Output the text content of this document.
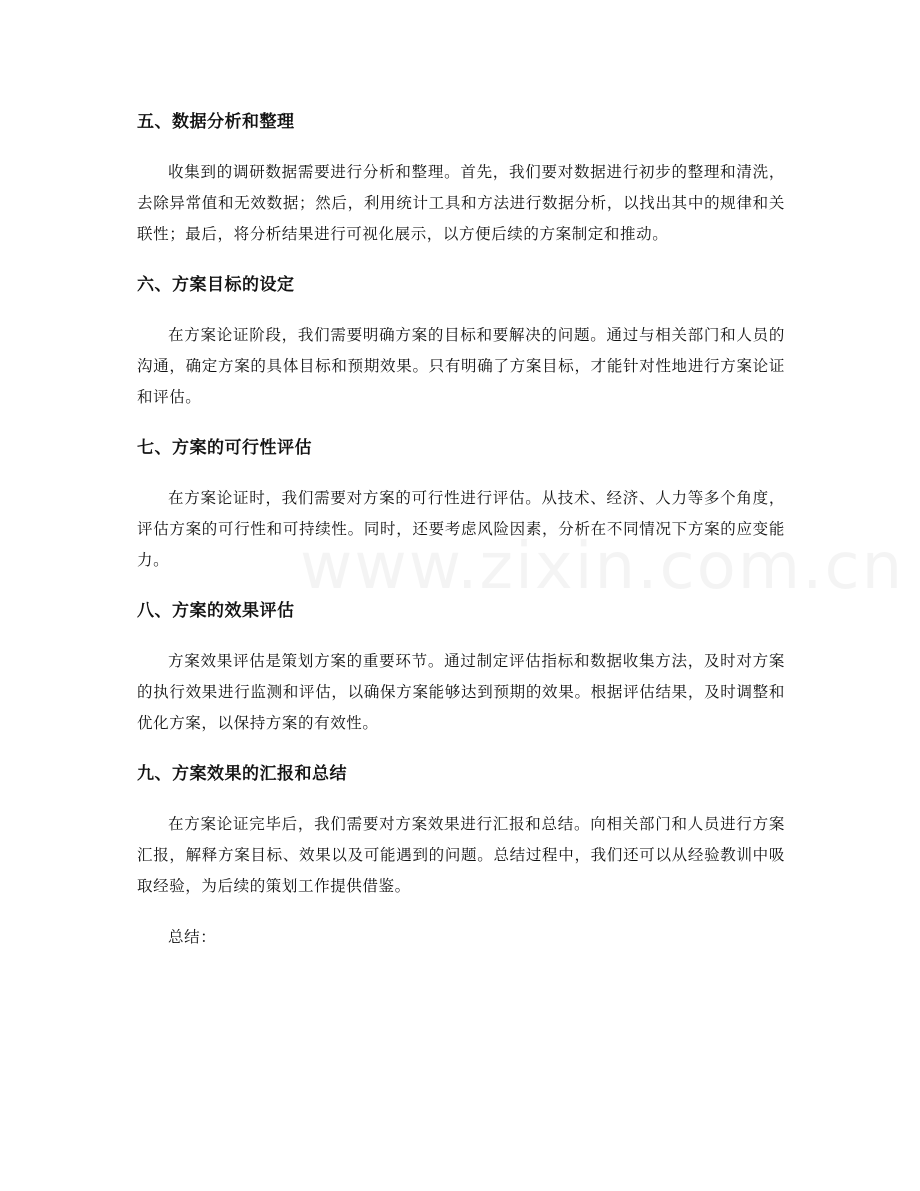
五、数据分析和整理

收集到的调研数据需要进行分析和整理。首先，我们要对数据进行初步的整理和清洗，去除异常值和无效数据；然后，利用统计工具和方法进行数据分析，以找出其中的规律和关联性；最后，将分析结果进行可视化展示，以方便后续的方案制定和推动。

六、方案目标的设定

在方案论证阶段，我们需要明确方案的目标和要解决的问题。通过与相关部门和人员的沟通，确定方案的具体目标和预期效果。只有明确了方案目标，才能针对性地进行方案论证和评估。

七、方案的可行性评估

在方案论证时，我们需要对方案的可行性进行评估。从技术、经济、人力等多个角度，评估方案的可行性和可持续性。同时，还要考虑风险因素，分析在不同情况下方案的应变能力。

八、方案的效果评估

方案效果评估是策划方案的重要环节。通过制定评估指标和数据收集方法，及时对方案的执行效果进行监测和评估，以确保方案能够达到预期的效果。根据评估结果，及时调整和优化方案，以保持方案的有效性。

九、方案效果的汇报和总结

在方案论证完毕后，我们需要对方案效果进行汇报和总结。向相关部门和人员进行方案汇报，解释方案目标、效果以及可能遇到的问题。总结过程中，我们还可以从经验教训中吸取经验，为后续的策划工作提供借鉴。

总结：
